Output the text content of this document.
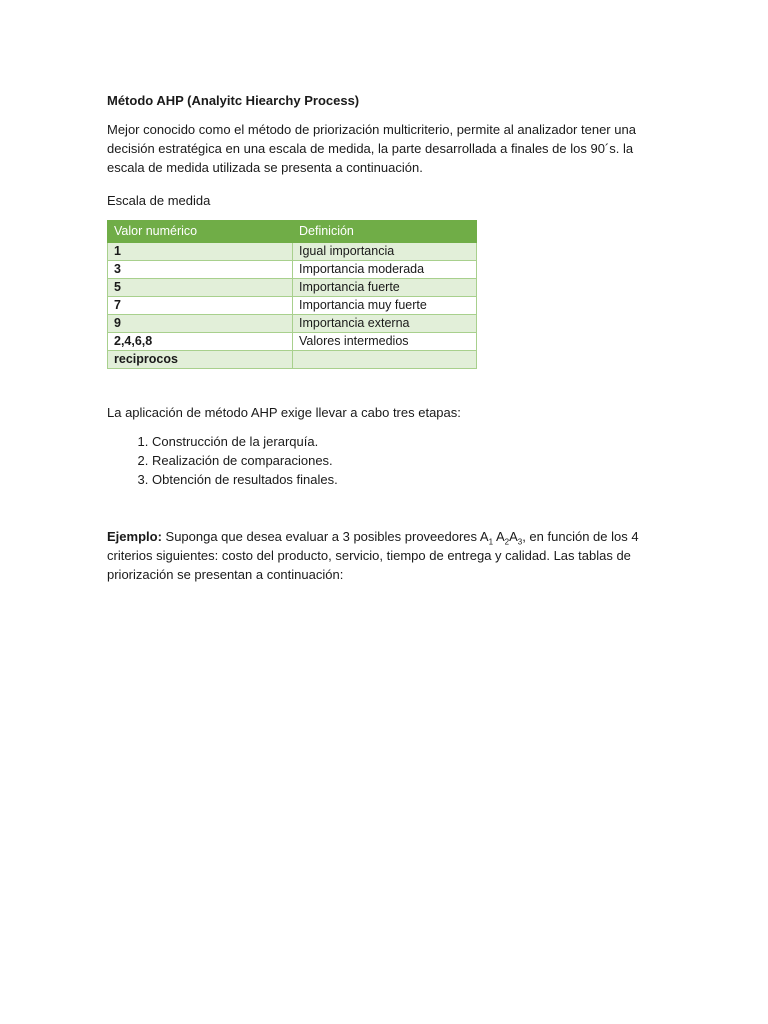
Método AHP (Analyitc Hiearchy Process)

Mejor conocido como el método de priorización multicriterio, permite al analizador tener una decisión estratégica en una escala de medida, la parte desarrollada a finales de los 90´s. la escala de medida utilizada se presenta a continuación.

Escala de medida

Valor numérico	Definición
1	Igual importancia
3	Importancia moderada
5	Importancia fuerte
7	Importancia muy fuerte
9	Importancia externa
2,4,6,8	Valores intermedios
reciprocos	

La aplicación de método AHP exige llevar a cabo tres etapas:

1. Construcción de la jerarquía.
2. Realización de comparaciones.
3. Obtención de resultados finales.

Ejemplo: Suponga que desea evaluar a 3 posibles proveedores $A_1$ $A_2A_3$, en función de los 4 criterios siguientes: costo del producto, servicio, tiempo de entrega y calidad. Las tablas de priorización se presentan a continuación:
